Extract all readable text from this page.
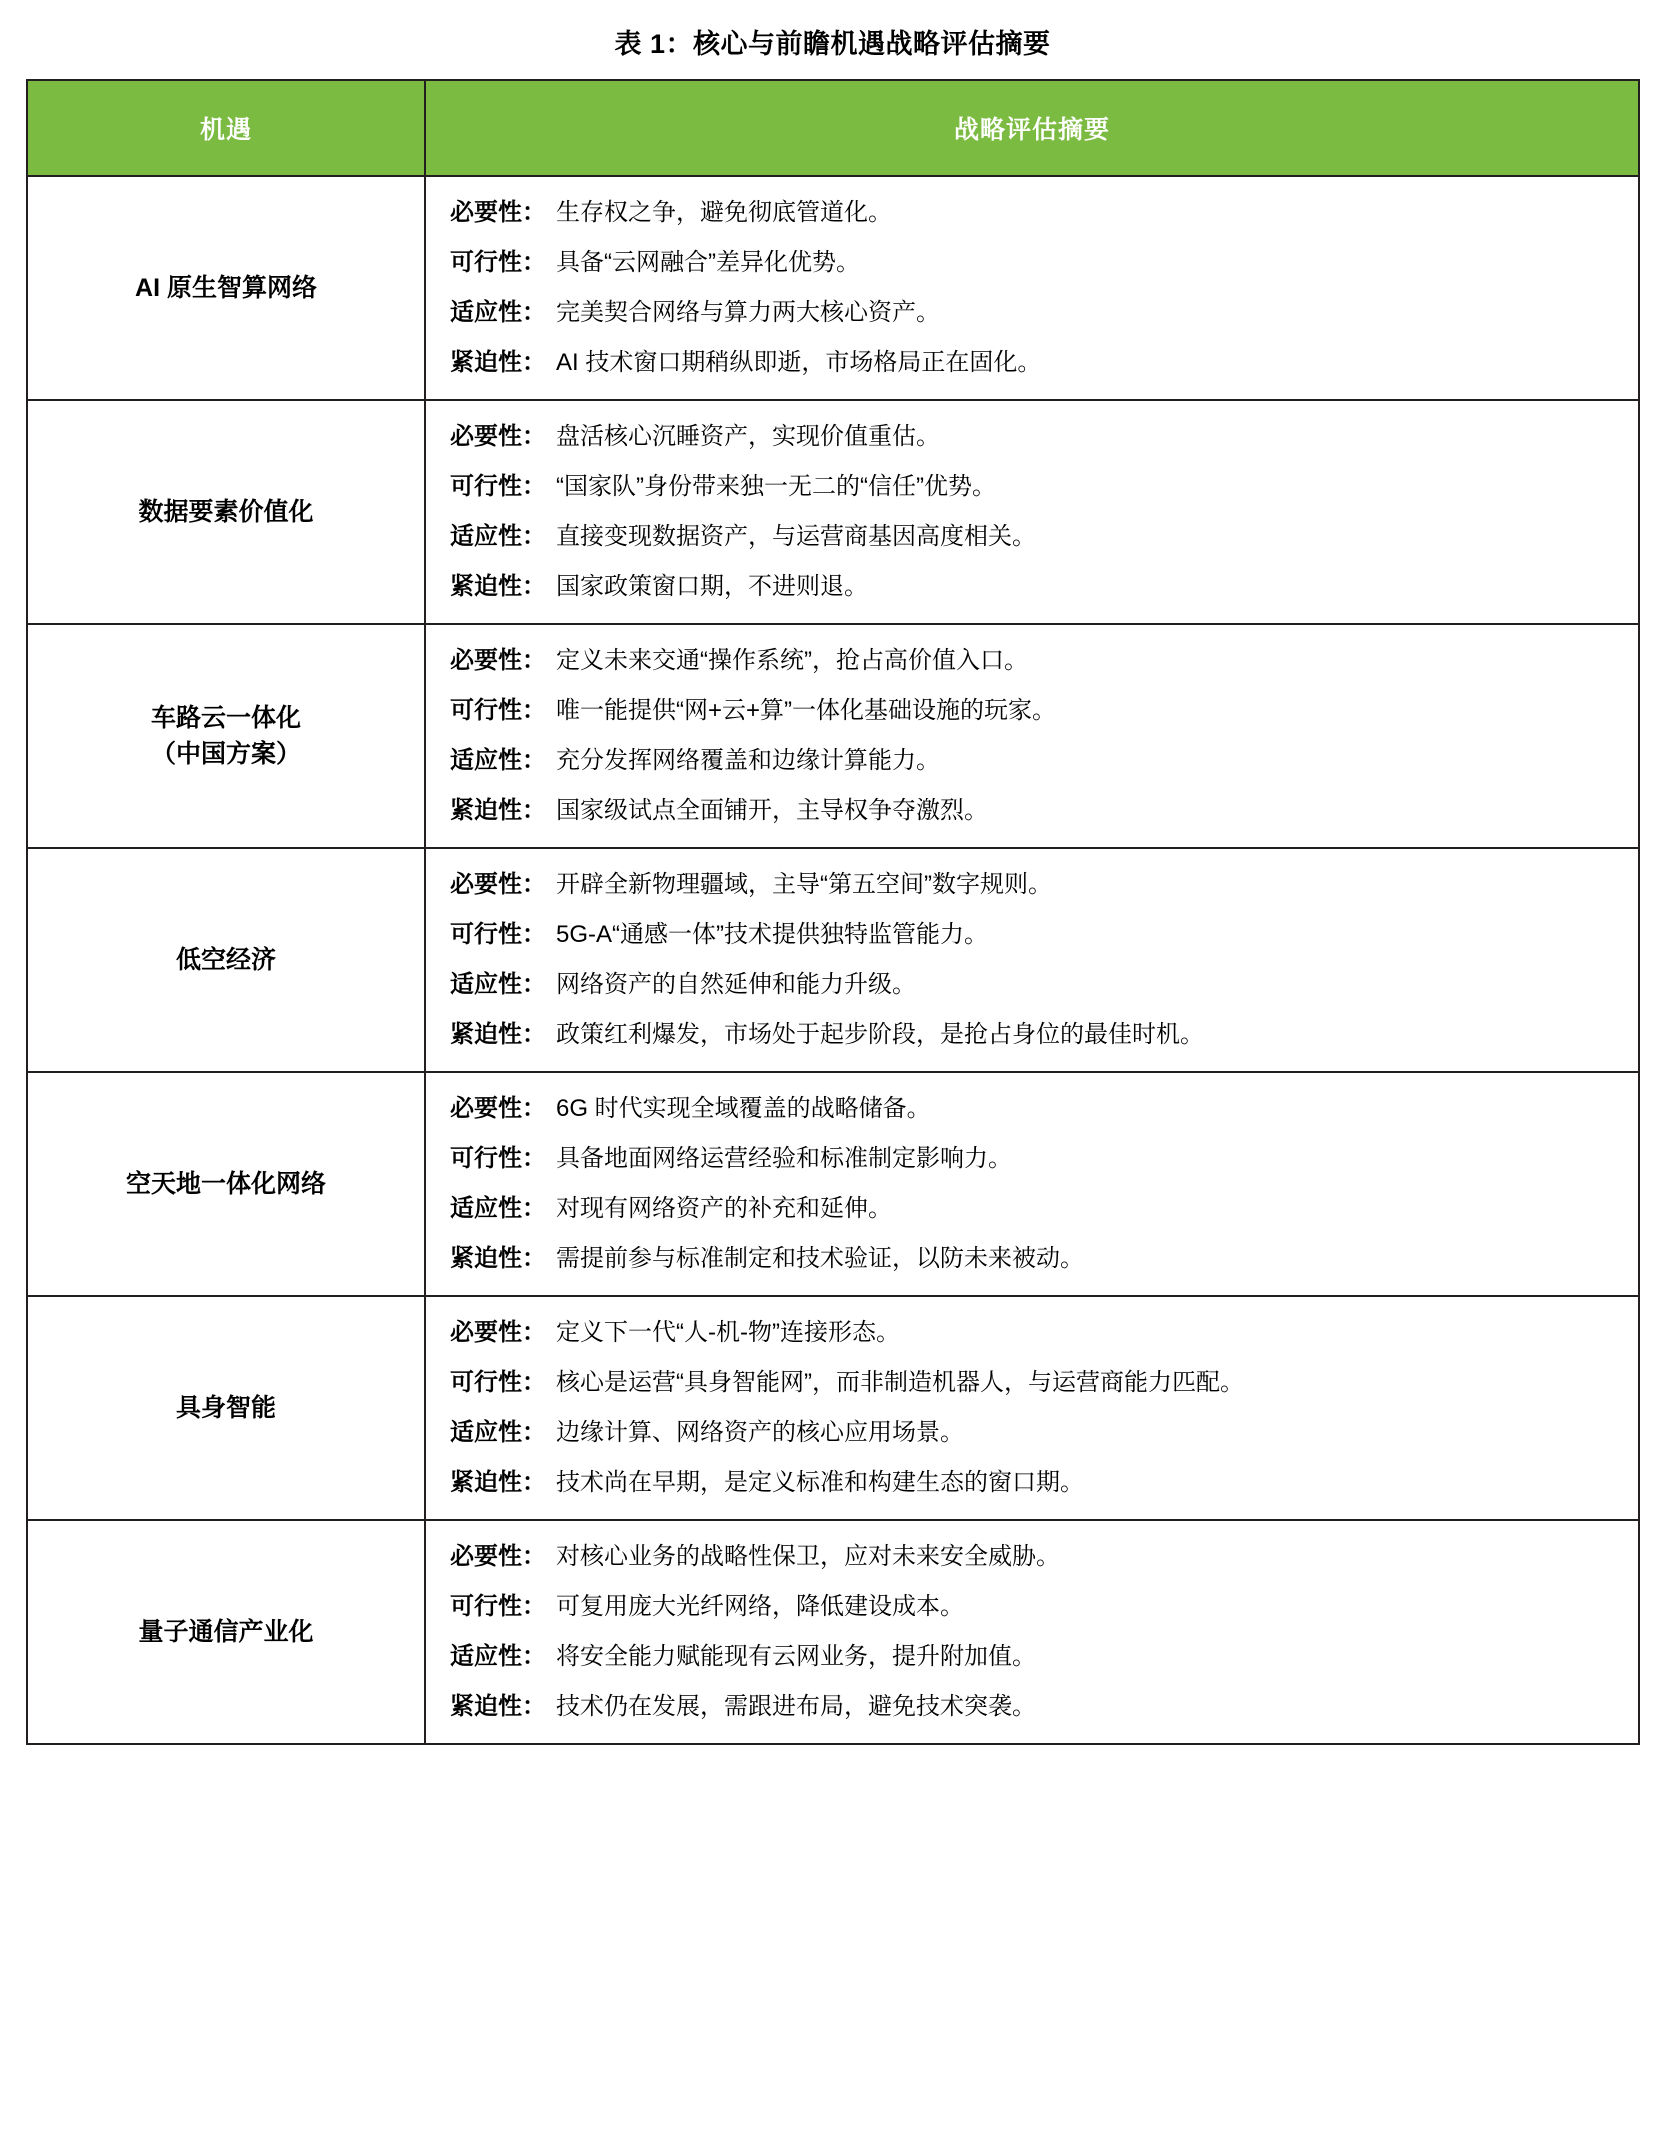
表 1：核心与前瞻机遇战略评估摘要
机遇	战略评估摘要
AI 原生智算网络	
必要性 ： 生存权之争，避免彻底管道化。
可行性 ： 具备“云网融合”差异化优势。
适应性 ： 完美契合网络与算力两大核心资产。
紧迫性 ： AI 技术窗口期稍纵即逝，市场格局正在固化。

数据要素价值化	
必要性 ： 盘活核心沉睡资产，实现价值重估。
可行性 ： “国家队”身份带来独一无二的“信任”优势。
适应性 ： 直接变现数据资产，与运营商基因高度相关。
紧迫性 ： 国家政策窗口期，不进则退。

车路云一体化
（中国方案）

必要性 ： 定义未来交通“操作系统”，抢占高价值入口。
可行性 ： 唯一能提供“网+云+算”一体化基础设施的玩家。
适应性 ： 充分发挥网络覆盖和边缘计算能力。
紧迫性 ： 国家级试点全面铺开，主导权争夺激烈。

低空经济	
必要性 ： 开辟全新物理疆域，主导“第五空间”数字规则。
可行性 ： 5G-A“通感一体”技术提供独特监管能力。
适应性 ： 网络资产的自然延伸和能力升级。
紧迫性 ： 政策红利爆发，市场处于起步阶段，是抢占身位的最佳时机。

空天地一体化网络	
必要性 ： 6G 时代实现全域覆盖的战略储备。
可行性 ： 具备地面网络运营经验和标准制定影响力。
适应性 ： 对现有网络资产的补充和延伸。
紧迫性 ： 需提前参与标准制定和技术验证，以防未来被动。

具身智能	
必要性 ： 定义下一代“人-机-物”连接形态。
可行性 ： 核心是运营“具身智能网”，而非制造机器人，与运营商能力匹配。
适应性 ： 边缘计算、网络资产的核心应用场景。
紧迫性 ： 技术尚在早期，是定义标准和构建生态的窗口期。

量子通信产业化	
必要性 ： 对核心业务的战略性保卫，应对未来安全威胁。
可行性 ： 可复用庞大光纤网络，降低建设成本。
适应性 ： 将安全能力赋能现有云网业务，提升附加值。
紧迫性 ： 技术仍在发展，需跟进布局，避免技术突袭。
